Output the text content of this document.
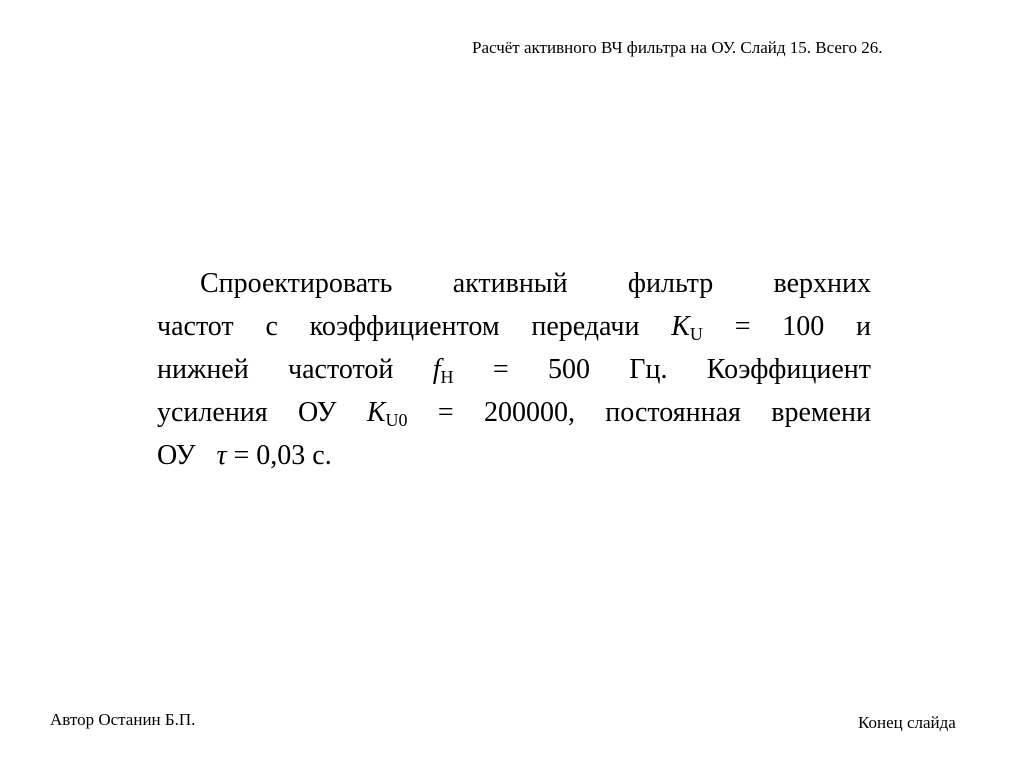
Расчёт активного ВЧ фильтра на ОУ. Слайд 15. Всего 26.
Спроектировать активный фильтр верхних
частот с коэффициентом передачи $K_U = 100$ и
нижней частотой $f_Н = 500$ Гц. Коэффициент
усиления ОУ $K_{U0} = 200000$, постоянная времени
ОУ τ = 0,03 с.
Автор Останин Б.П.	Конец слайда
